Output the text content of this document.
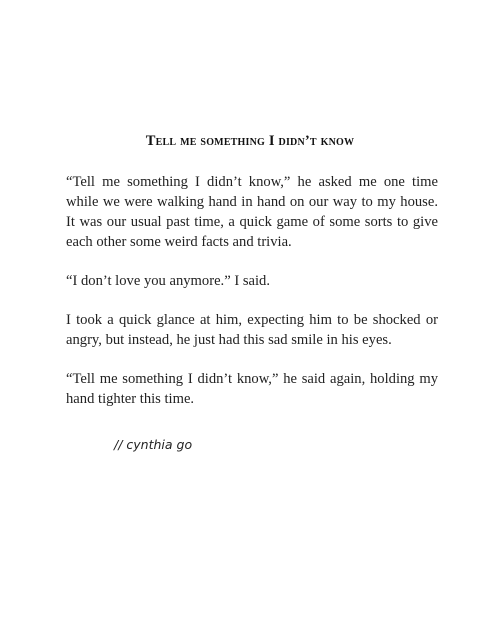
Tell me something I didn’t know

“Tell me something I didn’t know,” he asked me one time while we were walking hand in hand on our way to my house. It was our usual past time, a quick game of some sorts to give each other some weird facts and trivia.

“I don’t love you anymore.” I said.

I took a quick glance at him, expecting him to be shocked or angry, but instead, he just had this sad smile in his eyes.

“Tell me something I didn’t know,” he said again, holding my hand tighter this time.

// cynthia go
